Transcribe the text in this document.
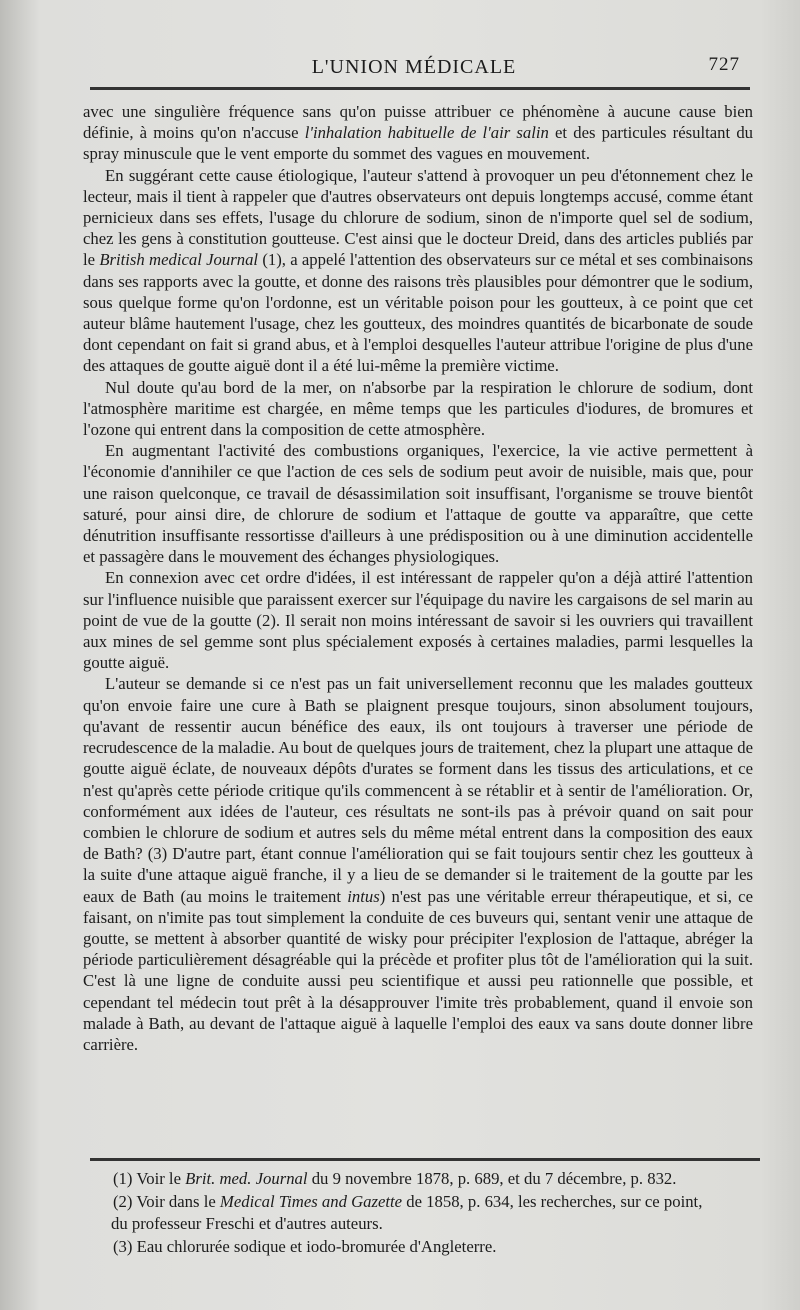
L'UNION MÉDICALE	727

avec une singulière fréquence sans qu'on puisse attribuer ce phénomène à aucune cause bien définie, à moins qu'on n'accuse l'inhalation habituelle de l'air salin et des particules résultant du spray minuscule que le vent emporte du sommet des vagues en mouvement.

En suggérant cette cause étiologique, l'auteur s'attend à provoquer un peu d'étonnement chez le lecteur, mais il tient à rappeler que d'autres observateurs ont depuis longtemps accusé, comme étant pernicieux dans ses effets, l'usage du chlorure de sodium, sinon de n'importe quel sel de sodium, chez les gens à constitution goutteuse. C'est ainsi que le docteur Dreid, dans des articles publiés par le British medical Journal (1), a appelé l'attention des observateurs sur ce métal et ses combinaisons dans ses rapports avec la goutte, et donne des raisons très plausibles pour démontrer que le sodium, sous quelque forme qu'on l'ordonne, est un véritable poison pour les goutteux, à ce point que cet auteur blâme hautement l'usage, chez les goutteux, des moindres quantités de bicarbonate de soude dont cependant on fait si grand abus, et à l'emploi desquelles l'auteur attribue l'origine de plus d'une des attaques de goutte aiguë dont il a été lui-même la première victime.

Nul doute qu'au bord de la mer, on n'absorbe par la respiration le chlorure de sodium, dont l'atmosphère maritime est chargée, en même temps que les particules d'iodures, de bromures et l'ozone qui entrent dans la composition de cette atmosphère.

En augmentant l'activité des combustions organiques, l'exercice, la vie active permettent à l'économie d'annihiler ce que l'action de ces sels de sodium peut avoir de nuisible, mais que, pour une raison quelconque, ce travail de désassimilation soit insuffisant, l'organisme se trouve bientôt saturé, pour ainsi dire, de chlorure de sodium et l'attaque de goutte va apparaître, que cette dénutrition insuffisante ressortisse d'ailleurs à une prédisposition ou à une diminution accidentelle et passagère dans le mouvement des échanges physiologiques.

En connexion avec cet ordre d'idées, il est intéressant de rappeler qu'on a déjà attiré l'attention sur l'influence nuisible que paraissent exercer sur l'équipage du navire les cargaisons de sel marin au point de vue de la goutte (2). Il serait non moins intéressant de savoir si les ouvriers qui travaillent aux mines de sel gemme sont plus spécialement exposés à certaines maladies, parmi lesquelles la goutte aiguë.

L'auteur se demande si ce n'est pas un fait universellement reconnu que les malades goutteux qu'on envoie faire une cure à Bath se plaignent presque toujours, sinon absolument toujours, qu'avant de ressentir aucun bénéfice des eaux, ils ont toujours à traverser une période de recrudescence de la maladie. Au bout de quelques jours de traitement, chez la plupart une attaque de goutte aiguë éclate, de nouveaux dépôts d'urates se forment dans les tissus des articulations, et ce n'est qu'après cette période critique qu'ils commencent à se rétablir et à sentir de l'amélioration. Or, conformément aux idées de l'auteur, ces résultats ne sont-ils pas à prévoir quand on sait pour combien le chlorure de sodium et autres sels du même métal entrent dans la composition des eaux de Bath? (3) D'autre part, étant connue l'amélioration qui se fait toujours sentir chez les goutteux à la suite d'une attaque aiguë franche, il y a lieu de se demander si le traitement de la goutte par les eaux de Bath (au moins le traitement intus) n'est pas une véritable erreur thérapeutique, et si, ce faisant, on n'imite pas tout simplement la conduite de ces buveurs qui, sentant venir une attaque de goutte, se mettent à absorber quantité de wisky pour précipiter l'explosion de l'attaque, abréger la période particulièrement désagréable qui la précède et profiter plus tôt de l'amélioration qui la suit. C'est là une ligne de conduite aussi peu scientifique et aussi peu rationnelle que possible, et cependant tel médecin tout prêt à la désapprouver l'imite très probablement, quand il envoie son malade à Bath, au devant de l'attaque aiguë à laquelle l'emploi des eaux va sans doute donner libre carrière.

(1) Voir le Brit. med. Journal du 9 novembre 1878, p. 689, et du 7 décembre, p. 832.

(2) Voir dans le Medical Times and Gazette de 1858, p. 634, les recherches, sur ce point,

du professeur Freschi et d'autres auteurs.

(3) Eau chlorurée sodique et iodo-bromurée d'Angleterre.
